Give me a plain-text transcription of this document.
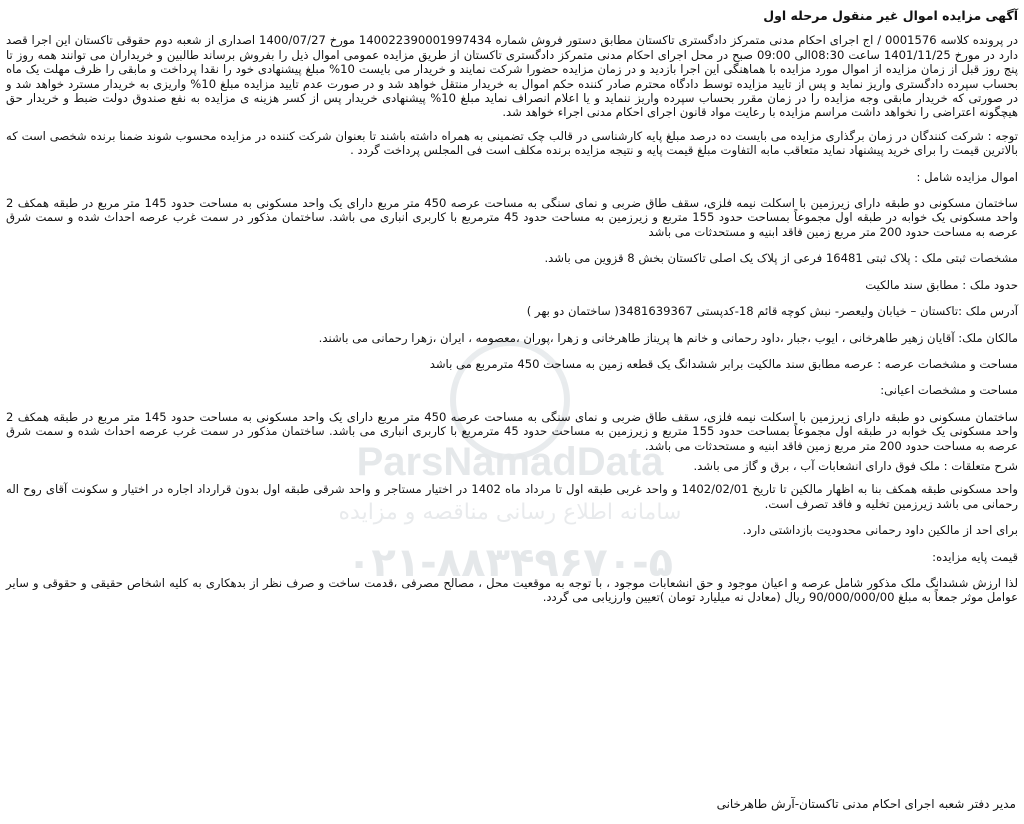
ParsNamadData
سامانه اطلاع رسانی مناقصه و مزایده
۰۲۱-۸۸۳۴۹۶۷۰-۵

آگهی مزایده اموال غیر منقول مرحله اول

در پرونده کلاسه 0001576 / اج اجرای احکام مدنی متمرکز دادگستری تاکستان مطابق دستور فروش شماره 140022390001997434 مورخ 1400/07/27 اصداری از شعبه دوم حقوقی تاکستان این اجرا قصد دارد در مورخ 1401/11/25 ساعت 08:30الی 09:00 صبح در محل اجرای احکام مدنی متمرکز دادگستری تاکستان از طریق مزایده عمومی اموال ذیل را بفروش برساند طالبین و خریداران می توانند همه روز تا پنج روز قبل از زمان مزایده از اموال مورد مزایده با هماهنگی این اجرا بازدید و در زمان مزایده حضورا شرکت نمایند و خریدار می بایست 10% مبلغ پیشنهادی خود را نقدا پرداخت و مابقی را ظرف مهلت یک ماه بحساب سپرده دادگستری واریز نماید و پس از تایید مزایده توسط دادگاه محترم صادر کننده حکم اموال به خریدار منتقل خواهد شد و در صورت عدم تایید مزایده مبلغ 10% واریزی به خریدار مسترد خواهد شد و در صورتی که خریدار مابقی وجه مزایده را در زمان مقرر بحساب سپرده واریز ننماید و یا اعلام انصراف نماید مبلغ 10% پیشنهادی خریدار پس از کسر هزینه ی مزایده به نفع صندوق دولت ضبط و خریدار حق هیچگونه اعتراضی را نخواهد داشت مراسم مزایده با رعایت مواد قانون اجرای احکام مدنی اجراء خواهد شد.

توجه : شرکت کنندگان در زمان برگذاری مزایده می بایست ده درصد مبلغ پایه کارشناسی در قالب چک تضمینی به همراه داشته باشند تا بعنوان شرکت کننده در مزایده محسوب شوند ضمنا برنده شخصی است که بالاترین قیمت را برای خرید پیشنهاد نماید متعاقب مابه التفاوت مبلغ قیمت پایه و نتیجه مزایده برنده مکلف است فی المجلس پرداخت گردد .

اموال مزایده شامل :

ساختمان مسکونی دو طبقه دارای زیرزمین با اسکلت نیمه فلزی، سقف طاق ضربی و نمای سنگی به مساحت عرصه 450 متر مربع دارای یک واحد مسکونی به مساحت حدود 145 متر مربع در طبقه همکف 2 واحد مسکونی یک خوابه در طبقه اول مجموعاً بمساحت حدود 155 متربع و زیرزمین به مساحت حدود 45 مترمربع با کاربری انباری می باشد. ساختمان مذکور در سمت غرب عرصه احداث شده و سمت شرق عرصه به مساحت حدود 200 متر مربع زمین فاقد ابنیه و مستحدثات می باشد

مشخصات ثبتی ملک : پلاک ثبتی 16481 فرعی از پلاک یک اصلی تاکستان بخش 8 قزوین می باشد.

حدود ملک : مطابق سند مالکیت

آدرس ملک :تاکستان – خیابان ولیعصر- نبش کوچه قائم 18-کدپستی 3481639367( ساختمان دو بهر )

مالکان ملک: آقایان زهیر طاهرخانی ، ایوب ،جبار ،داود رحمانی و خانم ها پریناز طاهرخانی و زهرا ،پوران ،معصومه ، ایران ،زهرا رحمانی می باشند.

مساحت و مشخصات عرصه : عرصه مطابق سند مالکیت برابر ششدانگ یک قطعه زمین به مساحت 450 مترمربع می باشد

مساحت و مشخصات اعیانی:

ساختمان مسکونی دو طبقه دارای زیرزمین با اسکلت نیمه فلزی، سقف طاق ضربی و نمای سنگی به مساحت عرصه 450 متر مربع دارای یک واحد مسکونی به مساحت حدود 145 متر مربع در طبقه همکف 2 واحد مسکونی یک خوابه در طبقه اول مجموعاً بمساحت حدود 155 متربع و زیرزمین به مساحت حدود 45 مترمربع با کاربری انباری می باشد. ساختمان مذکور در سمت غرب عرصه احداث شده و سمت شرق عرصه به مساحت حدود 200 متر مربع زمین فاقد ابنیه و مستحدثات می باشد.

شرح متعلقات : ملک فوق دارای انشعابات آب ، برق و گاز می باشد.

واحد مسکونی طبقه همکف بنا به اظهار مالکین تا تاریخ 1402/02/01 و واحد غربی طبقه اول تا مرداد ماه 1402 در اختیار مستاجر و واحد شرقی طبقه اول بدون قرارداد اجاره در اختیار و سکونت آقای روح اله رحمانی می باشد زیرزمین تخلیه و فاقد تصرف است.

برای احد از مالکین داود رحمانی محدودیت بازداشتی دارد.

قیمت پایه مزایده:

لذا ارزش ششدانگ ملک مذکور شامل عرصه و اعیان موجود و حق انشعابات موجود ، با توجه به موقعیت محل ، مصالح مصرفی ،قدمت ساخت و صرف نظر از بدهکاری به کلیه اشخاص حقیقی و حقوقی و سایر عوامل موثر جمعاً به مبلغ 90/000/000/00 ریال (معادل نه میلیارد تومان )تعیین وارزیابی می گردد.

مدیر دفتر شعبه اجرای احکام مدنی تاکستان-آرش طاهرخانی
